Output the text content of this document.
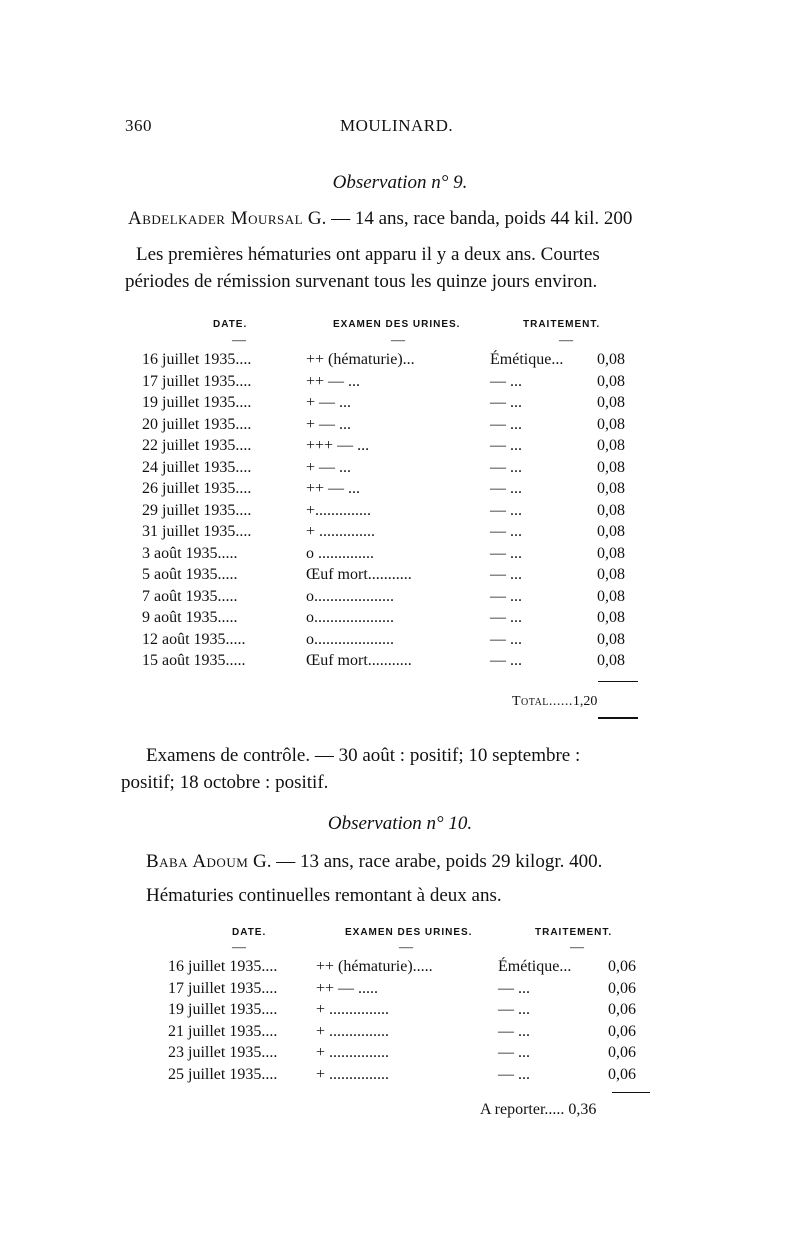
360	MOULINARD.
Observation n° 9.

Abdelkader Moursal G. — 14 ans, race banda, poids 44 kil. 200

Les premières hématuries ont apparu il y a deux ans. Courtes

périodes de rémission survenant tous les quinze jours environ.

DATE.	EXAMEN DES URINES.	TRAITEMENT.
—	—	—
16 juillet 1935....	++ (hématurie)...	Émétique... 0,08
17 juillet 1935....	++ — ...	— ...	0,08
19 juillet 1935....	+ — ...	— ...	0,08
20 juillet 1935....	+ — ...	— ...	0,08
22 juillet 1935....	+++ — ...	— ...	0,08
24 juillet 1935....	+ — ...	— ...	0,08
26 juillet 1935....	++ — ...	— ...	0,08
29 juillet 1935....	+..............	— ...	0,08
31 juillet 1935....	+ ..............	— ...	0,08
3 août 1935.....	o ..............	— ...	0,08
5 août 1935.....	Œuf mort...........	— ...	0,08
7 août 1935.....	o....................	— ...	0,08
9 août 1935.....	o....................	— ...	0,08
12 août 1935.....	o....................	— ...	0,08
15 août 1935.....	Œuf mort...........	— ...	0,08
Total......1,20

Examens de contrôle. — 30 août : positif; 10 septembre :

positif; 18 octobre : positif.

Observation n° 10.

Baba Adoum G. — 13 ans, race arabe, poids 29 kilogr. 400.

Hématuries continuelles remontant à deux ans.

DATE.	EXAMEN DES URINES.	TRAITEMENT.
—	—	—
16 juillet 1935.... ++ (hématurie).....	Émétique... 0,06
17 juillet 1935.... ++ — .....	— ...	0,06
19 juillet 1935.... + ...............	— ...	0,06
21 juillet 1935.... + ...............	— ...	0,06
23 juillet 1935.... + ...............	— ...	0,06
25 juillet 1935.... + ...............	— ...	0,06
A reporter..... 0,36
